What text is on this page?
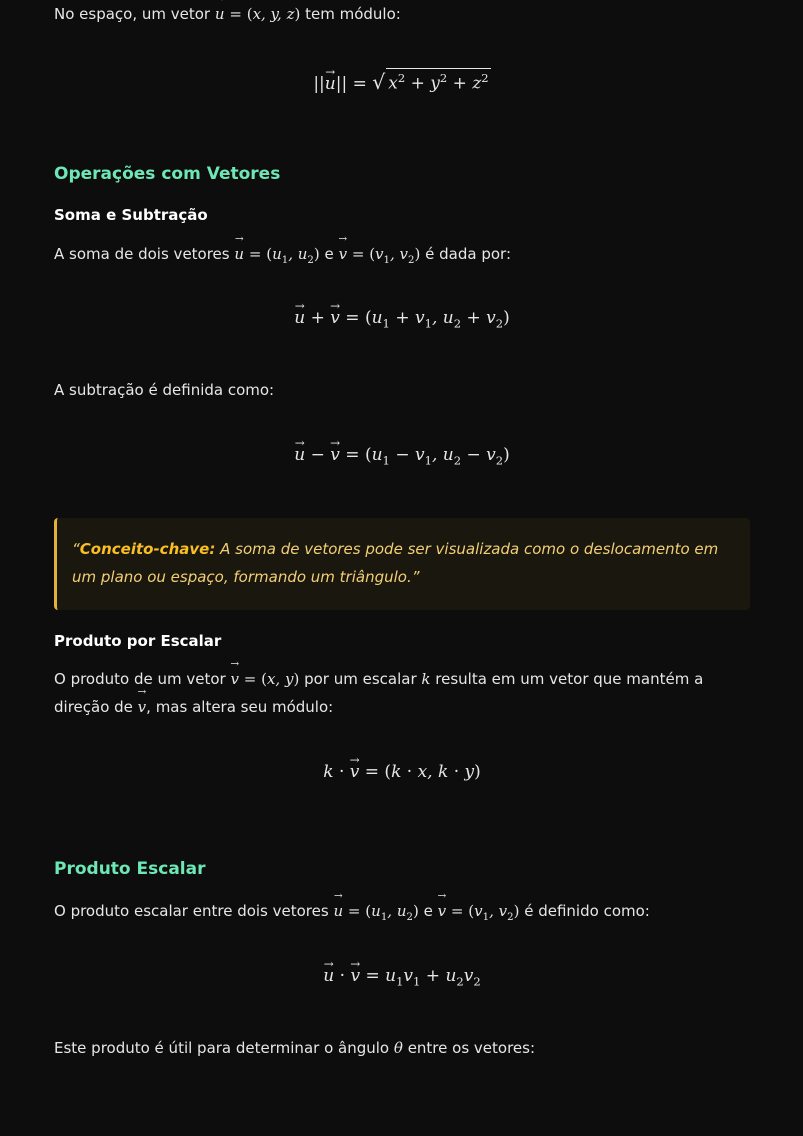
No espaço, um vetor → u = (x, y, z) tem módulo:

||→ u|| = √ $x^2 + y^2 + z^2$

Operações com Vetores
Soma e Subtração

A soma de dois vetores → $u = (u_1$, $u_2$) $e \to v = (v_1$, $v_2$) é dada por:

→ u + → $v = (u_1 + v_1$, $u_2 + v_2$)

A subtração é definida como:

→ u − → $v = (u_1 - v_1$, $u_2 - v_2$)

“Conceito-chave: A soma de vetores pode ser visualizada como o deslocamento em um plano ou espaço, formando um triângulo.”
Produto por Escalar

O produto de um vetor → v = (x, y) por um escalar k resulta em um vetor que mantém a direção de → v, mas altera seu módulo:

k · → v = (k · x, k · y)

Produto Escalar

O produto escalar entre dois vetores → $u = (u_1$, $u_2$) $e \to v = (v_1$, $v_2$) é definido como:

→ u · → $v = u_1v_1 + u_2v_2$

Este produto é útil para determinar o ângulo θ entre os vetores:
